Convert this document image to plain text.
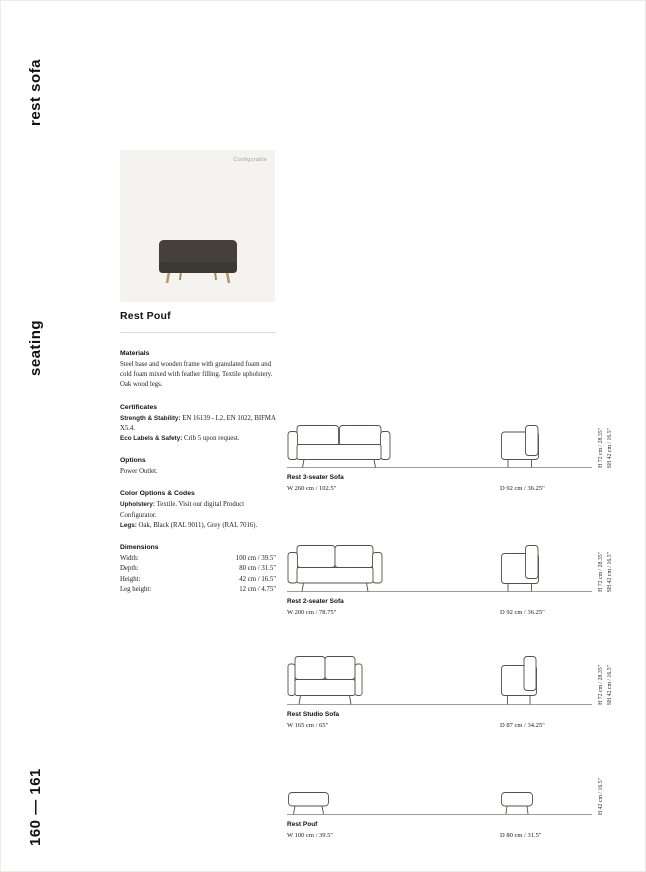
rest sofa
seating
160 — 161
Configurable
Rest Pouf
Materials

Steel base and wooden frame with granulated foam and cold foam mixed with feather filling. Textile upholstery. Oak wood legs.

Certificates

Strength & Stability: EN 16139 - L2, EN 1022, BIFMA X5.4.

Eco Labels & Safety: Crib 5 upon request.

Options

Power Outlet.

Color Options & Codes

Upholstery: Textile. Visit our digital Product Configurator.

Legs: Oak, Black (RAL 9011), Grey (RAL 7016).

Dimensions
Width:	100 cm / 39.5"
Depth:	80 cm / 31.5"
Height:	42 cm / 16.5"
Leg height:	12 cm / 4.75"
Rest 3-seater Sofa
W 260 cm / 102.5"	D 92 cm / 36.25"
H 72 cm / 28.35" SH 42 cm / 16.5"
Rest 2-seater Sofa
W 200 cm / 78.75"	D 92 cm / 36.25"
H 72 cm / 28.35" SH 42 cm / 16.5"
Rest Studio Sofa
W 165 cm / 65"	D 87 cm / 34.25"
H 72 cm / 28.35" SH 42 cm / 16.5"
Rest Pouf
W 100 cm / 39.5"	D 80 cm / 31.5"
H 42 cm / 16.5"
